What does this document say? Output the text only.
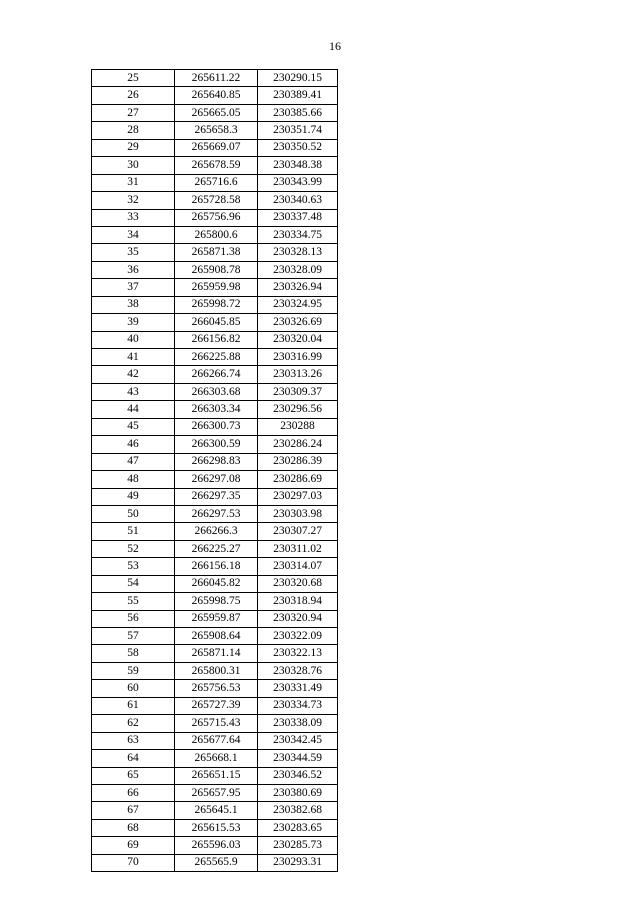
16
25	265611.22	230290.15
26	265640.85	230389.41
27	265665.05	230385.66
28	265658.3	230351.74
29	265669.07	230350.52
30	265678.59	230348.38
31	265716.6	230343.99
32	265728.58	230340.63
33	265756.96	230337.48
34	265800.6	230334.75
35	265871.38	230328.13
36	265908.78	230328.09
37	265959.98	230326.94
38	265998.72	230324.95
39	266045.85	230326.69
40	266156.82	230320.04
41	266225.88	230316.99
42	266266.74	230313.26
43	266303.68	230309.37
44	266303.34	230296.56
45	266300.73	230288
46	266300.59	230286.24
47	266298.83	230286.39
48	266297.08	230286.69
49	266297.35	230297.03
50	266297.53	230303.98
51	266266.3	230307.27
52	266225.27	230311.02
53	266156.18	230314.07
54	266045.82	230320.68
55	265998.75	230318.94
56	265959.87	230320.94
57	265908.64	230322.09
58	265871.14	230322.13
59	265800.31	230328.76
60	265756.53	230331.49
61	265727.39	230334.73
62	265715.43	230338.09
63	265677.64	230342.45
64	265668.1	230344.59
65	265651.15	230346.52
66	265657.95	230380.69
67	265645.1	230382.68
68	265615.53	230283.65
69	265596.03	230285.73
70	265565.9	230293.31
